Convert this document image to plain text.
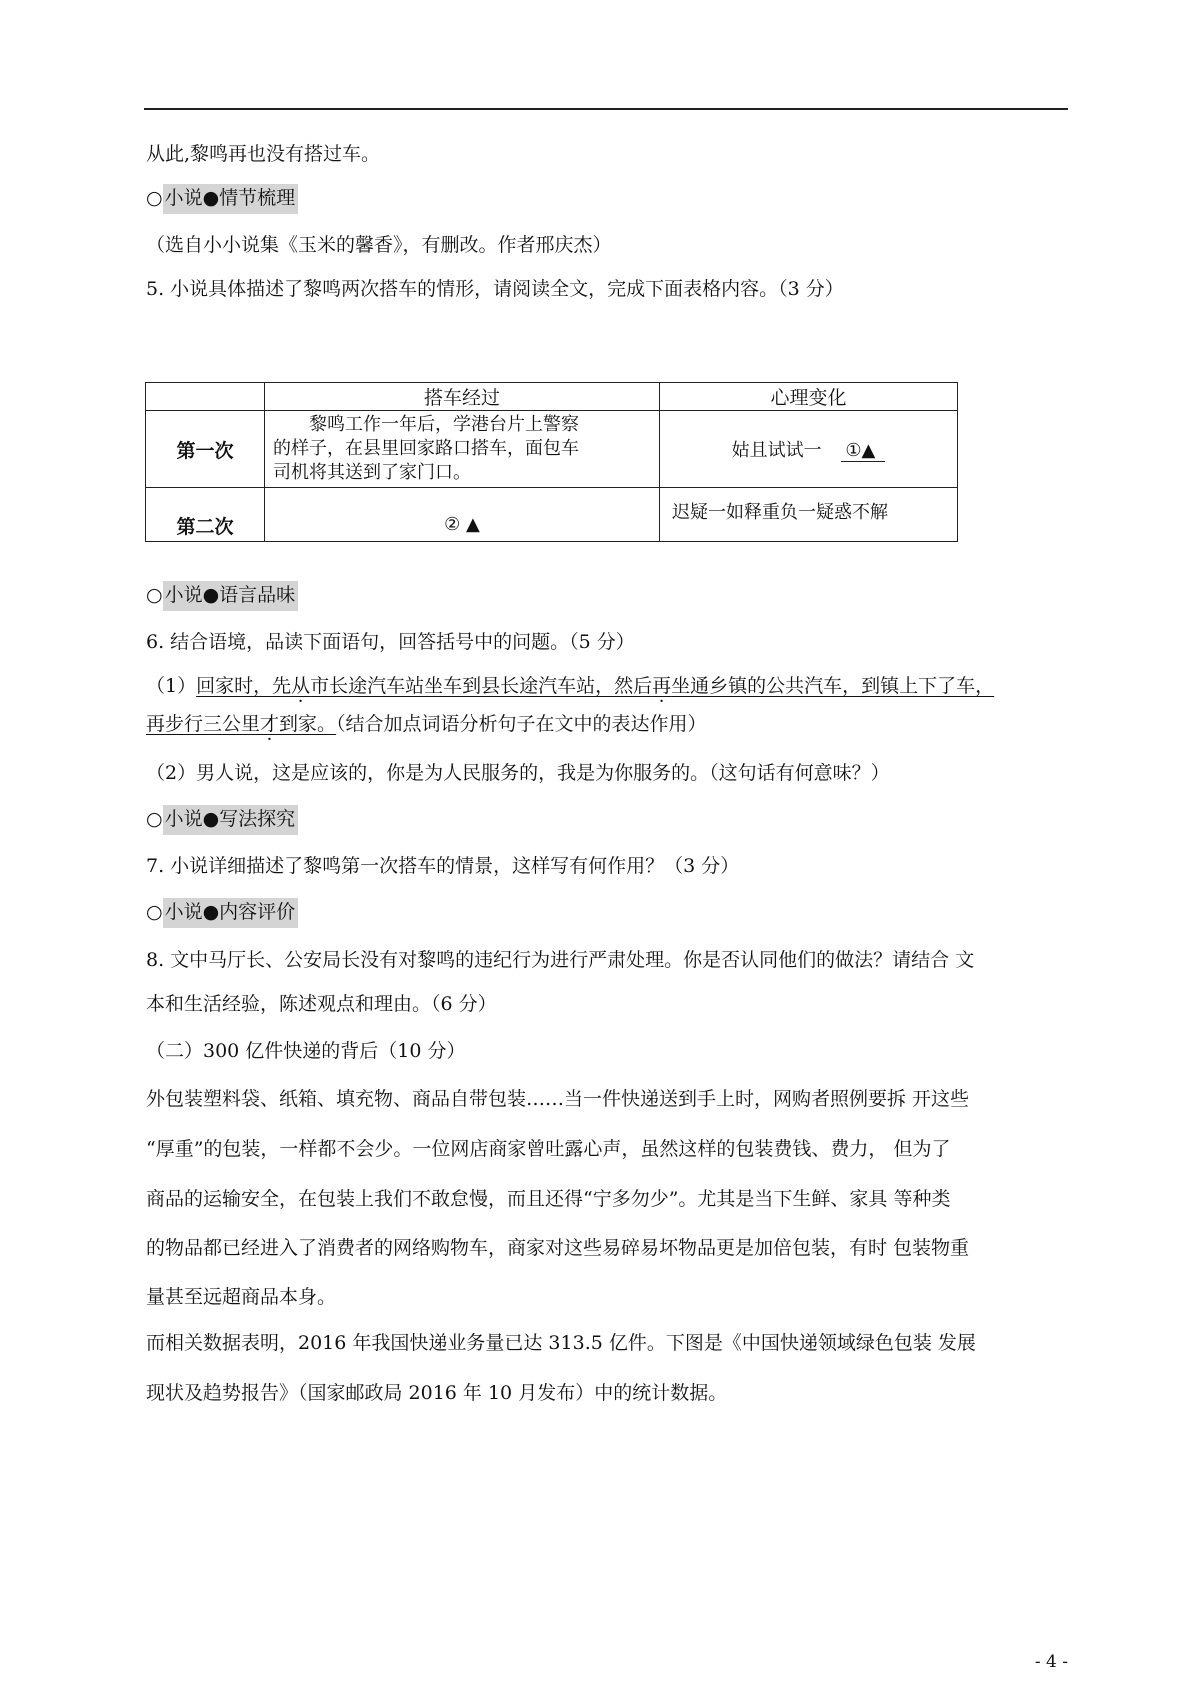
从此,黎鸣再也没有搭过车。
○ 小说●情节梳理
（选自小小说集《玉米的馨香》，有删改。作者邢庆杰）
5. 小说具体描述了黎鸣两次搭车的情形，请阅读全文，完成下面表格内容。（3 分）
	搭车经过	心理变化
第一次	黎鸣工作一年后，学港台片上警察
的样子，在县里回家路口搭车，面包车
司机将其送到了家门口。	姑且试试一 ①▲
第二次	② ▲	迟疑一如释重负一疑惑不解
○ 小说●语言品味
6. 结合语境，品读下面语句，回答括号中的问题。（5 分）
（1）回家时，先从市长途汽车站坐车到县长途汽车站，然后再坐通乡镇的公共汽车，到镇上下了车，
再步行三公里才到家。（结合加点词语分析句子在文中的表达作用）
（2）男人说，这是应该的，你是为人民服务的，我是为你服务的。（这句话有何意味？）
○ 小说●写法探究
7. 小说详细描述了黎鸣第一次搭车的情景，这样写有何作用？（3 分）
○ 小说●内容评价
8. 文中马厅长、公安局长没有对黎鸣的违纪行为进行严肃处理。你是否认同他们的做法？请结合 文
本和生活经验，陈述观点和理由。（6 分）
（二）300 亿件快递的背后（10 分）
外包装塑料袋、纸箱、填充物、商品自带包装……当一件快递送到手上时，网购者照例要拆 开这些
“厚重”的包装，一样都不会少。一位网店商家曾吐露心声，虽然这样的包装费钱、费力， 但为了
商品的运输安全，在包装上我们不敢怠慢，而且还得“宁多勿少”。尤其是当下生鲜、家具 等种类
的物品都已经进入了消费者的网络购物车，商家对这些易碎易坏物品更是加倍包装，有时 包装物重
量甚至远超商品本身。
而相关数据表明，2016 年我国快递业务量已达 313.5 亿件。下图是《中国快递领域绿色包装 发展
现状及趋势报告》（国家邮政局 2016 年 10 月发布）中的统计数据。
- 4 -
